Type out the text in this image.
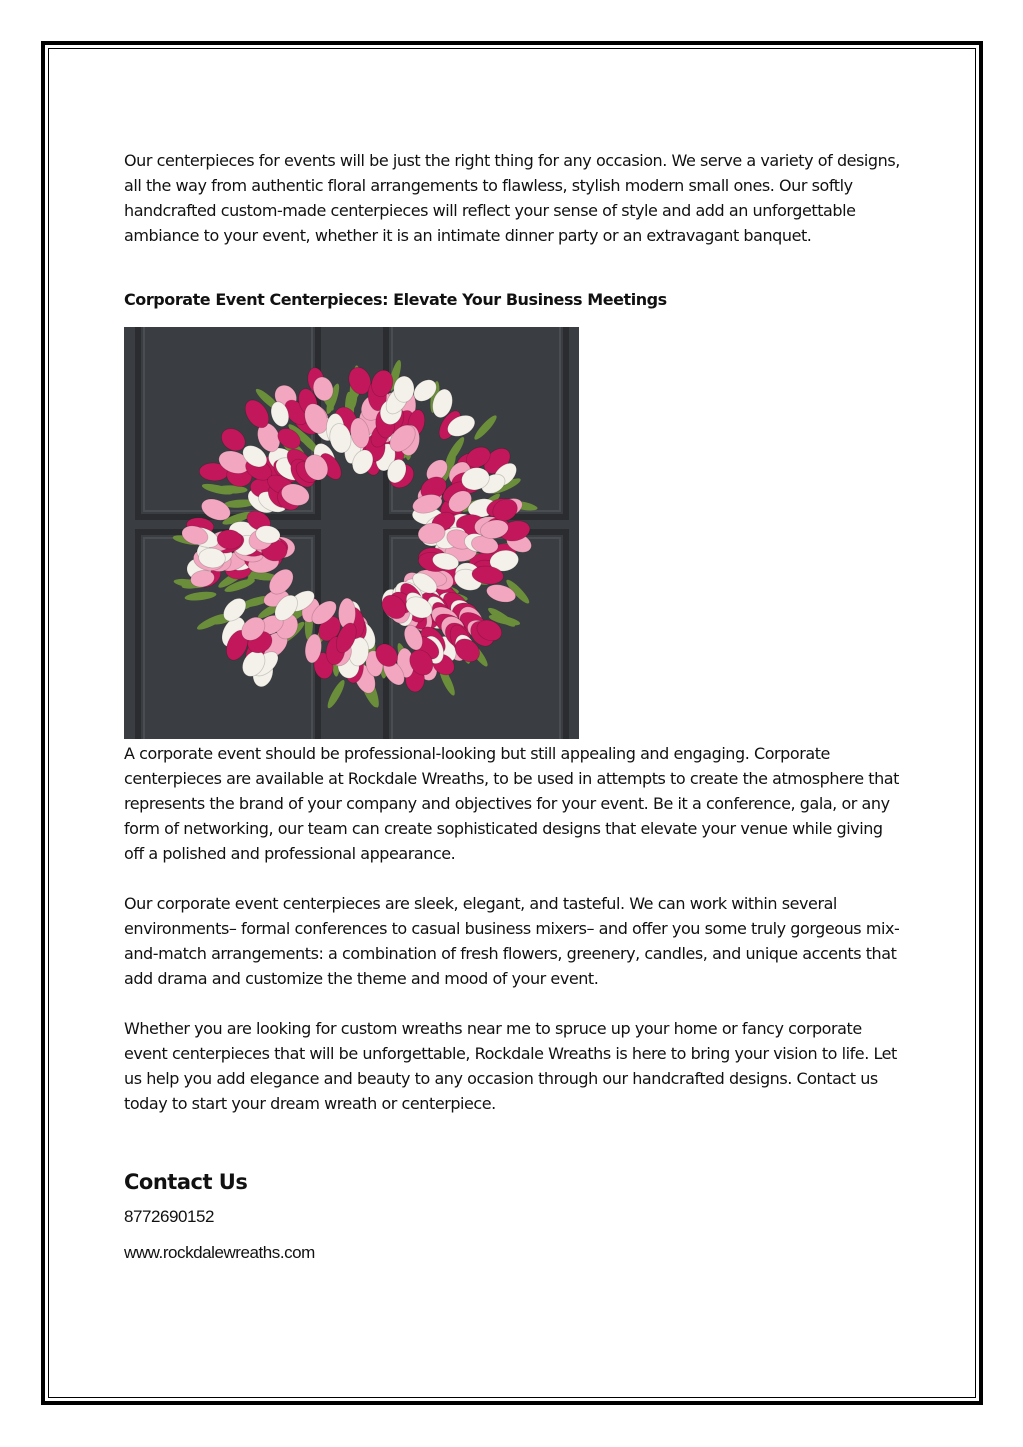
Our centerpieces for events will be just the right thing for any occasion. We serve a variety of designs, all the way from authentic floral arrangements to flawless, stylish modern small ones. Our softly handcrafted custom-made centerpieces will reflect your sense of style and add an unforgettable ambiance to your event, whether it is an intimate dinner party or an extravagant banquet.

Corporate Event Centerpieces: Elevate Your Business Meetings

A corporate event should be professional-looking but still appealing and engaging. Corporate centerpieces are available at Rockdale Wreaths, to be used in attempts to create the atmosphere that represents the brand of your company and objectives for your event. Be it a conference, gala, or any form of networking, our team can create sophisticated designs that elevate your venue while giving off a polished and professional appearance.

Our corporate event centerpieces are sleek, elegant, and tasteful. We can work within several environments– formal conferences to casual business mixers– and offer you some truly gorgeous mix-and-match arrangements: a combination of fresh flowers, greenery, candles, and unique accents that add drama and customize the theme and mood of your event.

Whether you are looking for custom wreaths near me to spruce up your home or fancy corporate event centerpieces that will be unforgettable, Rockdale Wreaths is here to bring your vision to life. Let us help you add elegance and beauty to any occasion through our handcrafted designs. Contact us today to start your dream wreath or centerpiece.

Contact Us

8772690152

www.rockdalewreaths.com
